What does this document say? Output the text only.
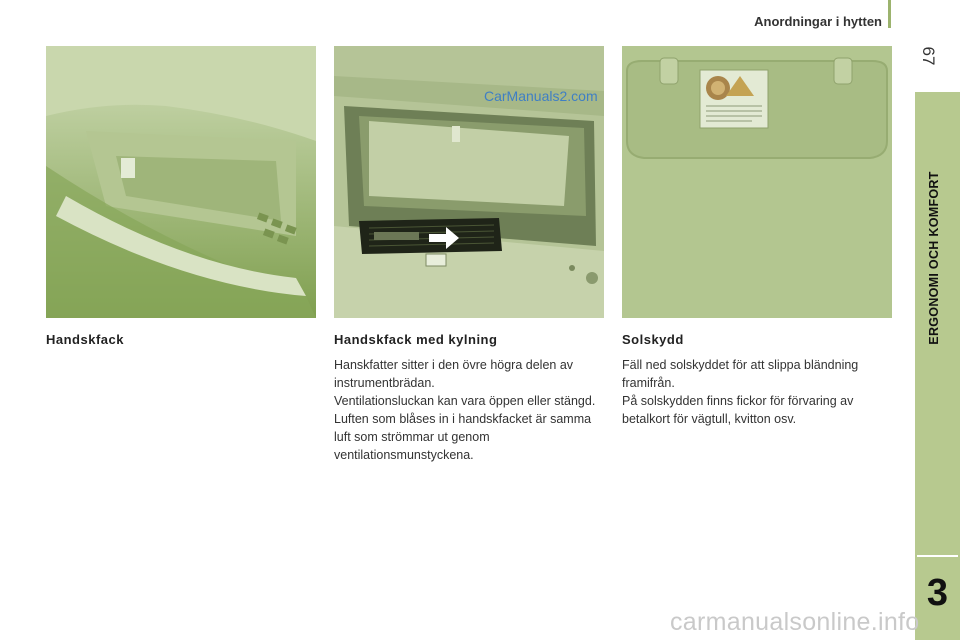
Anordningar i hytten
67
ERGONOMI OCH KOMFORT
3
CarManuals2.com
Handskfack	Handskfack med kylning

Hanskfatter sitter i den övre högra delen av instrumentbrädan.

Ventilationsluckan kan vara öppen eller stängd. Luften som blåses in i handskfacket är samma luft som strömmar ut genom ventilationsmunstyckena.

Solskydd

Fäll ned solskyddet för att slippa bländning framifrån.

På solskydden finns fickor för förvaring av betalkort för vägtull, kvitton osv.

carmanualsonline.info
